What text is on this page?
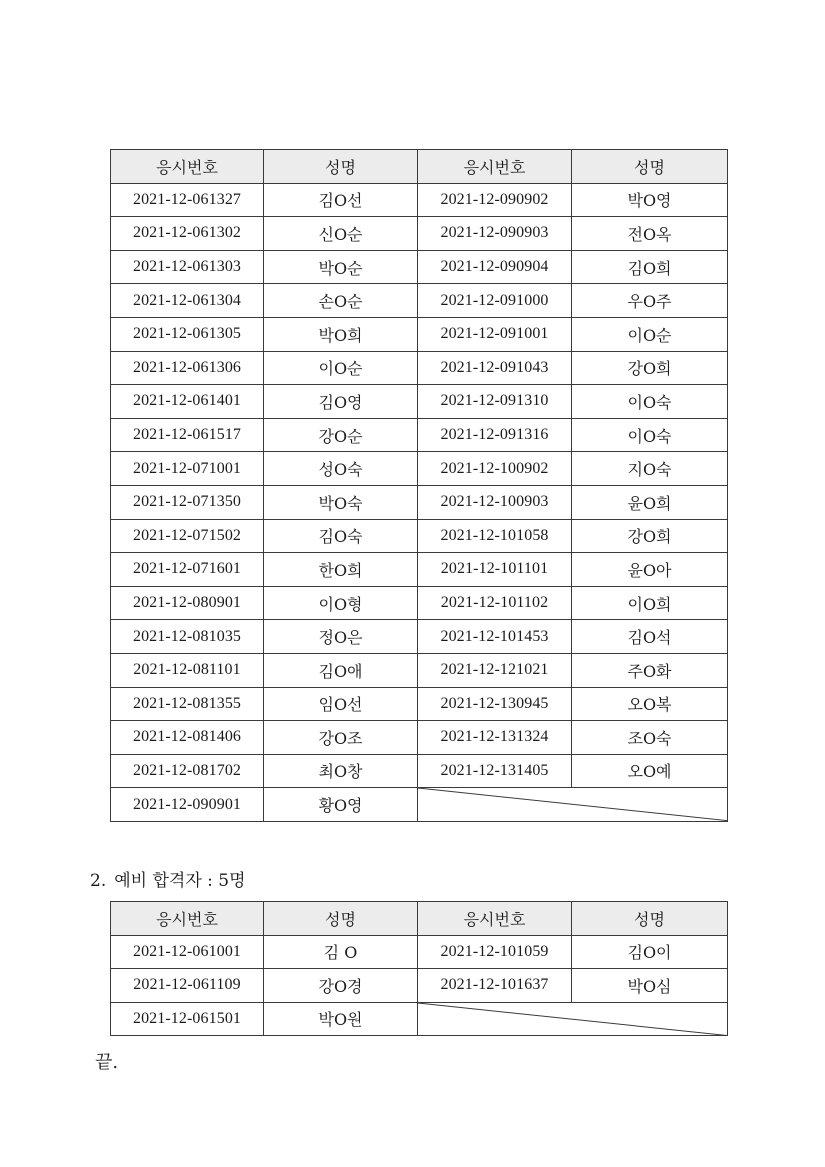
응시번호	성명	응시번호	성명
2021-12-061327	김O선	2021-12-090902	박O영
2021-12-061302	신O순	2021-12-090903	전O옥
2021-12-061303	박O순	2021-12-090904	김O희
2021-12-061304	손O순	2021-12-091000	우O주
2021-12-061305	박O희	2021-12-091001	이O순
2021-12-061306	이O순	2021-12-091043	강O희
2021-12-061401	김O영	2021-12-091310	이O숙
2021-12-061517	강O순	2021-12-091316	이O숙
2021-12-071001	성O숙	2021-12-100902	지O숙
2021-12-071350	박O숙	2021-12-100903	윤O희
2021-12-071502	김O숙	2021-12-101058	강O희
2021-12-071601	한O희	2021-12-101101	윤O아
2021-12-080901	이O형	2021-12-101102	이O희
2021-12-081035	정O은	2021-12-101453	김O석
2021-12-081101	김O애	2021-12-121021	주O화
2021-12-081355	임O선	2021-12-130945	오O복
2021-12-081406	강O조	2021-12-131324	조O숙
2021-12-081702	최O창	2021-12-131405	오O예
2021-12-090901	황O영	
2. 예비 합격자 : 5명
응시번호	성명	응시번호	성명
2021-12-061001	김 O	2021-12-101059	김O이
2021-12-061109	강O경	2021-12-101637	박O심
2021-12-061501	박O원	
끝.
